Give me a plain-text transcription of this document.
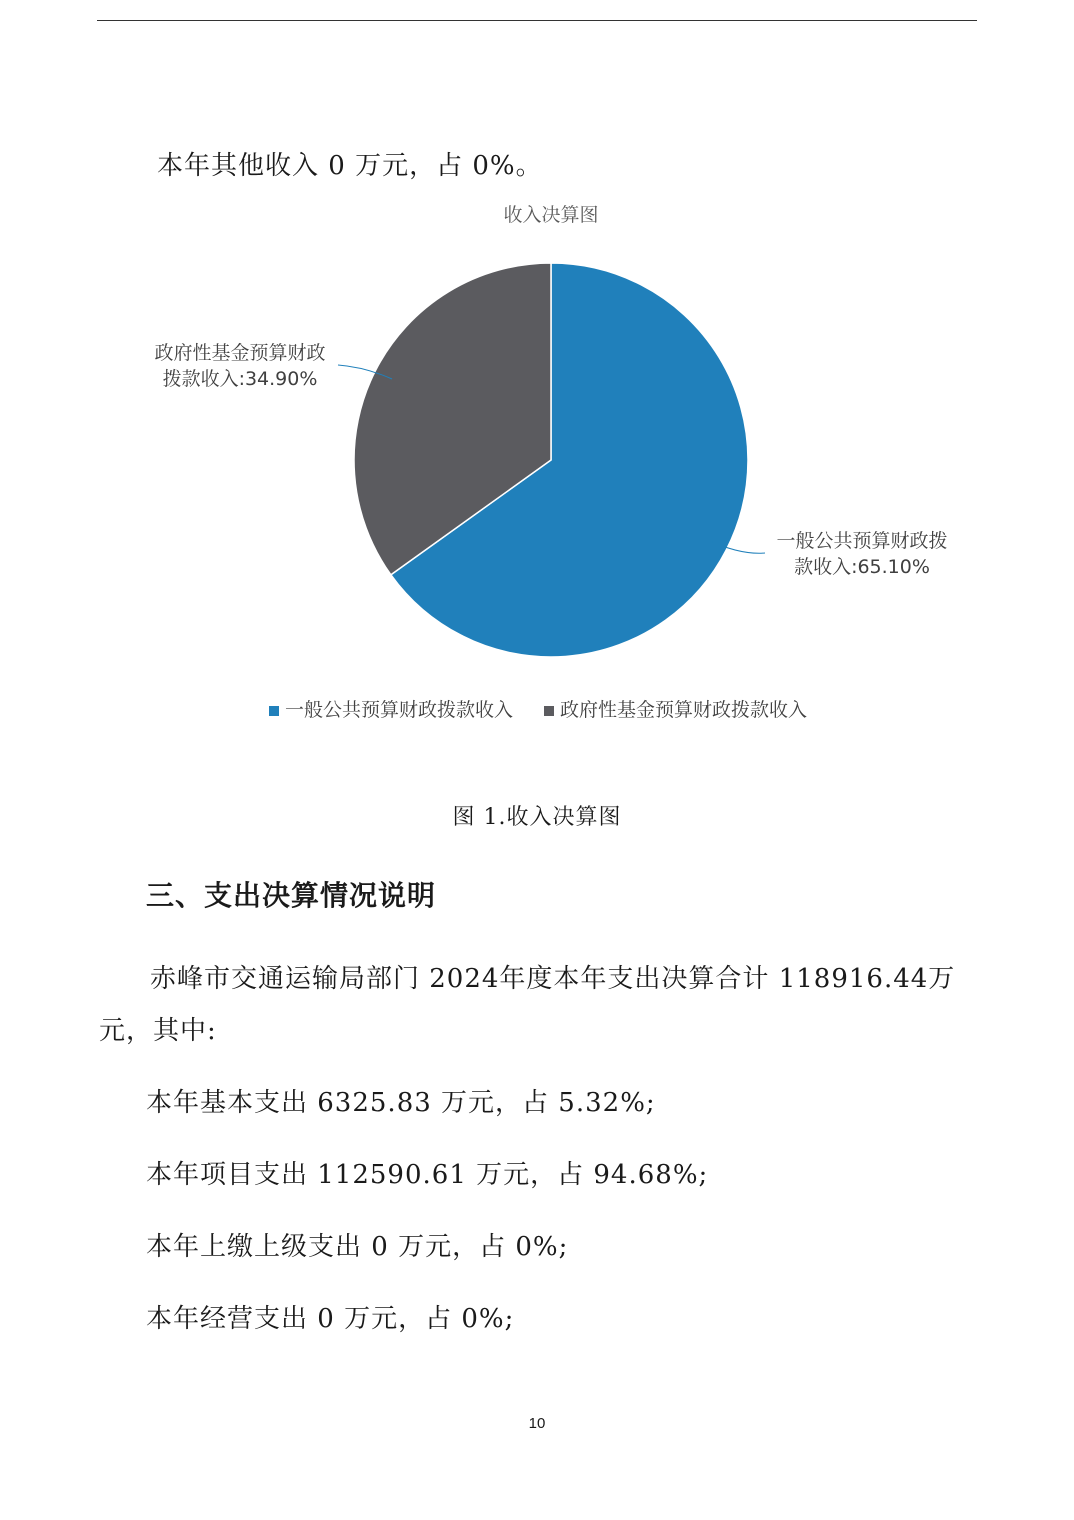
本年其他收入 0 万元，占 0%。
收入决算图
一般公共预算财政拨
款收入:65.10%
政府性基金预算财政
拨款收入:34.90%
一般公共预算财政拨款收入 政府性基金预算财政拨款收入
图 1.收入决算图
三、支出决算情况说明
赤峰市交通运输局部门 2024年度本年支出决算合计 118916.44万
元，其中:
本年基本支出 6325.83 万元，占 5.32%;
本年项目支出 112590.61 万元，占 94.68%;
本年上缴上级支出 0 万元，占 0%;
本年经营支出 0 万元，占 0%;
10
